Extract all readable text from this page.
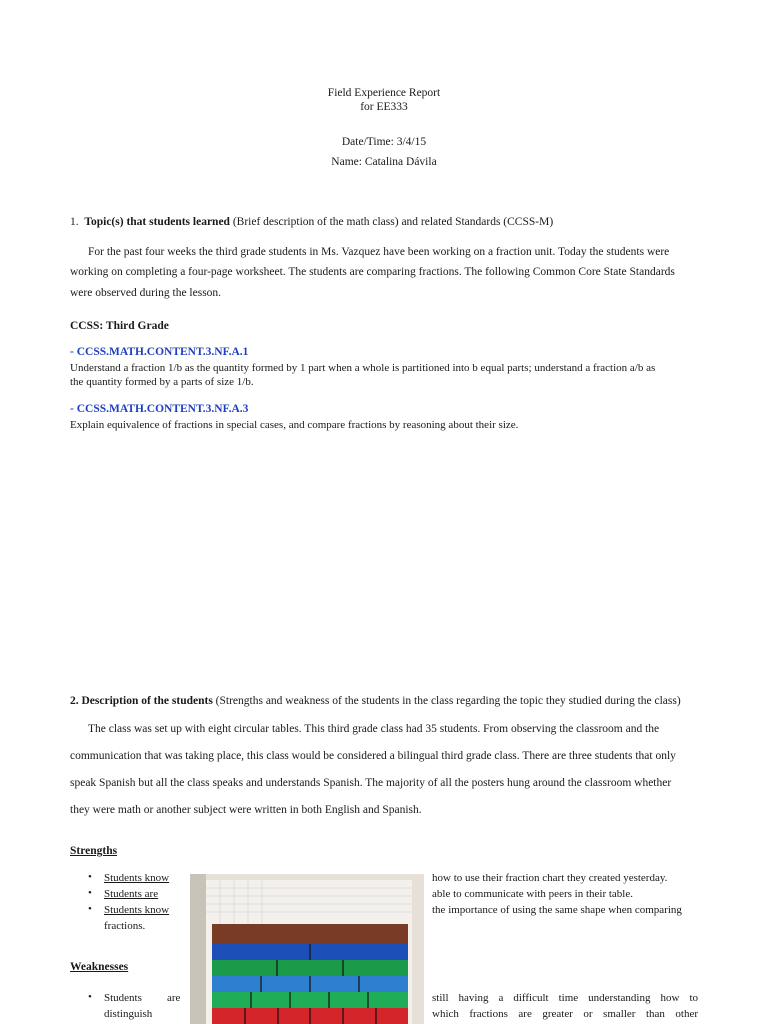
Field Experience Report
for EE333
Date/Time: 3/4/15
Name: Catalina Dávila
1. Topic(s) that students learned (Brief description of the math class) and related Standards (CCSS-M)
For the past four weeks the third grade students in Ms. Vazquez have been working on a fraction unit. Today the students were
working on completing a four-page worksheet. The students are comparing fractions. The following Common Core State Standards
were observed during the lesson.
CCSS: Third Grade
- CCSS.MATH.CONTENT.3.NF.A.1
Understand a fraction 1/b as the quantity formed by 1 part when a whole is partitioned into b equal parts; understand a fraction a/b as
the quantity formed by a parts of size 1/b.
- CCSS.MATH.CONTENT.3.NF.A.3
Explain equivalence of fractions in special cases, and compare fractions by reasoning about their size.
2. Description of the students (Strengths and weakness of the students in the class regarding the topic they studied during the class)
The class was set up with eight circular tables. This third grade class had 35 students. From observing the classroom and the
communication that was taking place, this class would be considered a bilingual third grade class. There are three students that only
speak Spanish but all the class speaks and understands Spanish. The majority of all the posters hung around the classroom whether
they were math or another subject were written in both English and Spanish.
Strengths
• Students know	how to use their fraction chart they created yesterday.
• Students are	able to communicate with peers in their table.
• Students know	the importance of using the same shape when comparing
fractions.
Weaknesses
• Students are
distinguish
still having a difficult time understanding how to
which fractions are greater or smaller than other
